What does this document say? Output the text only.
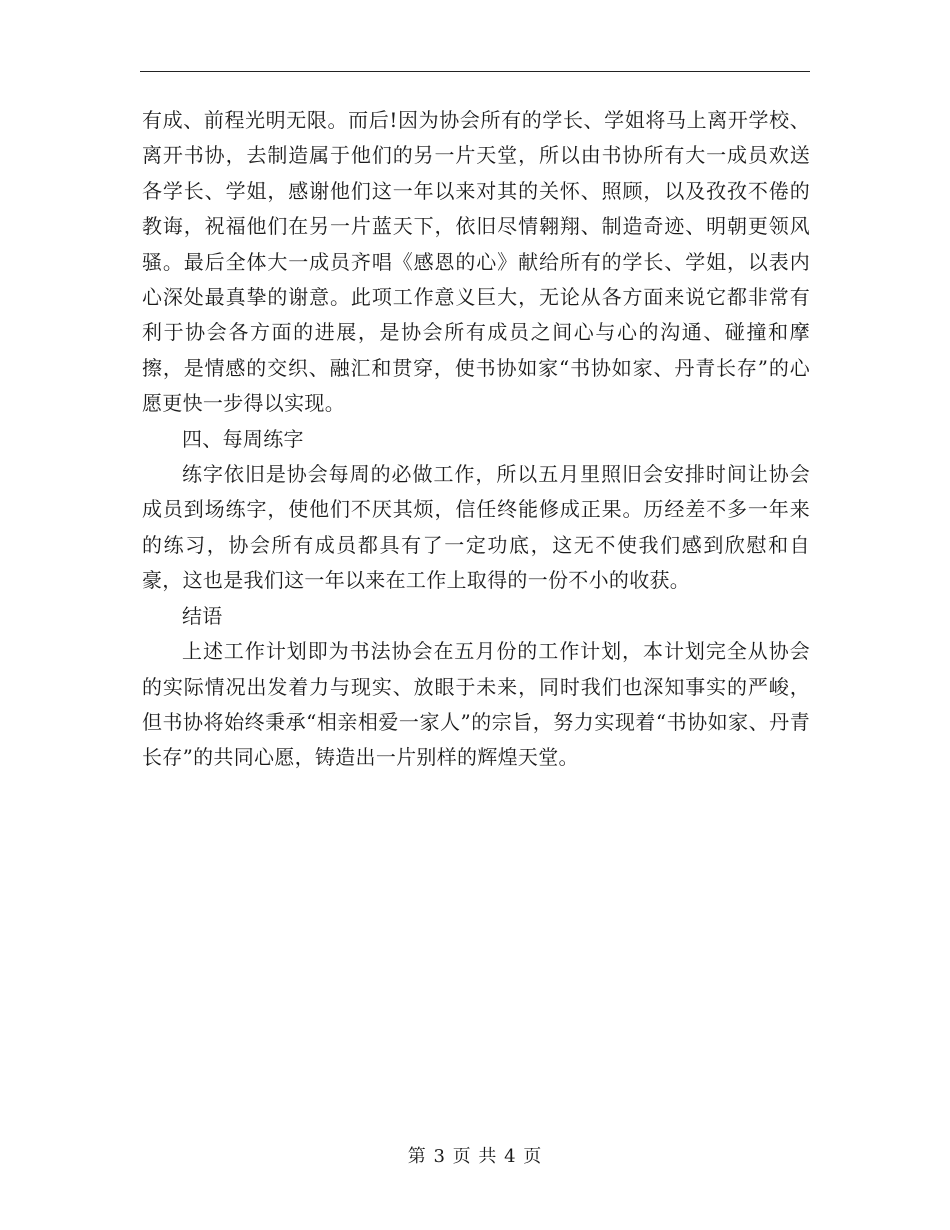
有成、前程光明无限。而后!因为协会所有的学长、学姐将马上离开学校、离开书协，去制造属于他们的另一片天堂，所以由书协所有大一成员欢送各学长、学姐，感谢他们这一年以来对其的关怀、照顾，以及孜孜不倦的教诲，祝福他们在另一片蓝天下，依旧尽情翱翔、制造奇迹、明朝更领风骚。最后全体大一成员齐唱《感恩的心》献给所有的学长、学姐，以表内心深处最真挚的谢意。此项工作意义巨大，无论从各方面来说它都非常有利于协会各方面的进展，是协会所有成员之间心与心的沟通、碰撞和摩擦，是情感的交织、融汇和贯穿，使书协如家“书协如家、丹青长存”的心愿更快一步得以实现。

四、每周练字

练字依旧是协会每周的必做工作，所以五月里照旧会安排时间让协会成员到场练字，使他们不厌其烦，信任终能修成正果。历经差不多一年来的练习，协会所有成员都具有了一定功底，这无不使我们感到欣慰和自豪，这也是我们这一年以来在工作上取得的一份不小的收获。

结语

上述工作计划即为书法协会在五月份的工作计划，本计划完全从协会的实际情况出发着力与现实、放眼于未来，同时我们也深知事实的严峻，但书协将始终秉承“相亲相爱一家人”的宗旨，努力实现着“书协如家、丹青长存”的共同心愿，铸造出一片别样的辉煌天堂。

第 3 页 共 4 页
